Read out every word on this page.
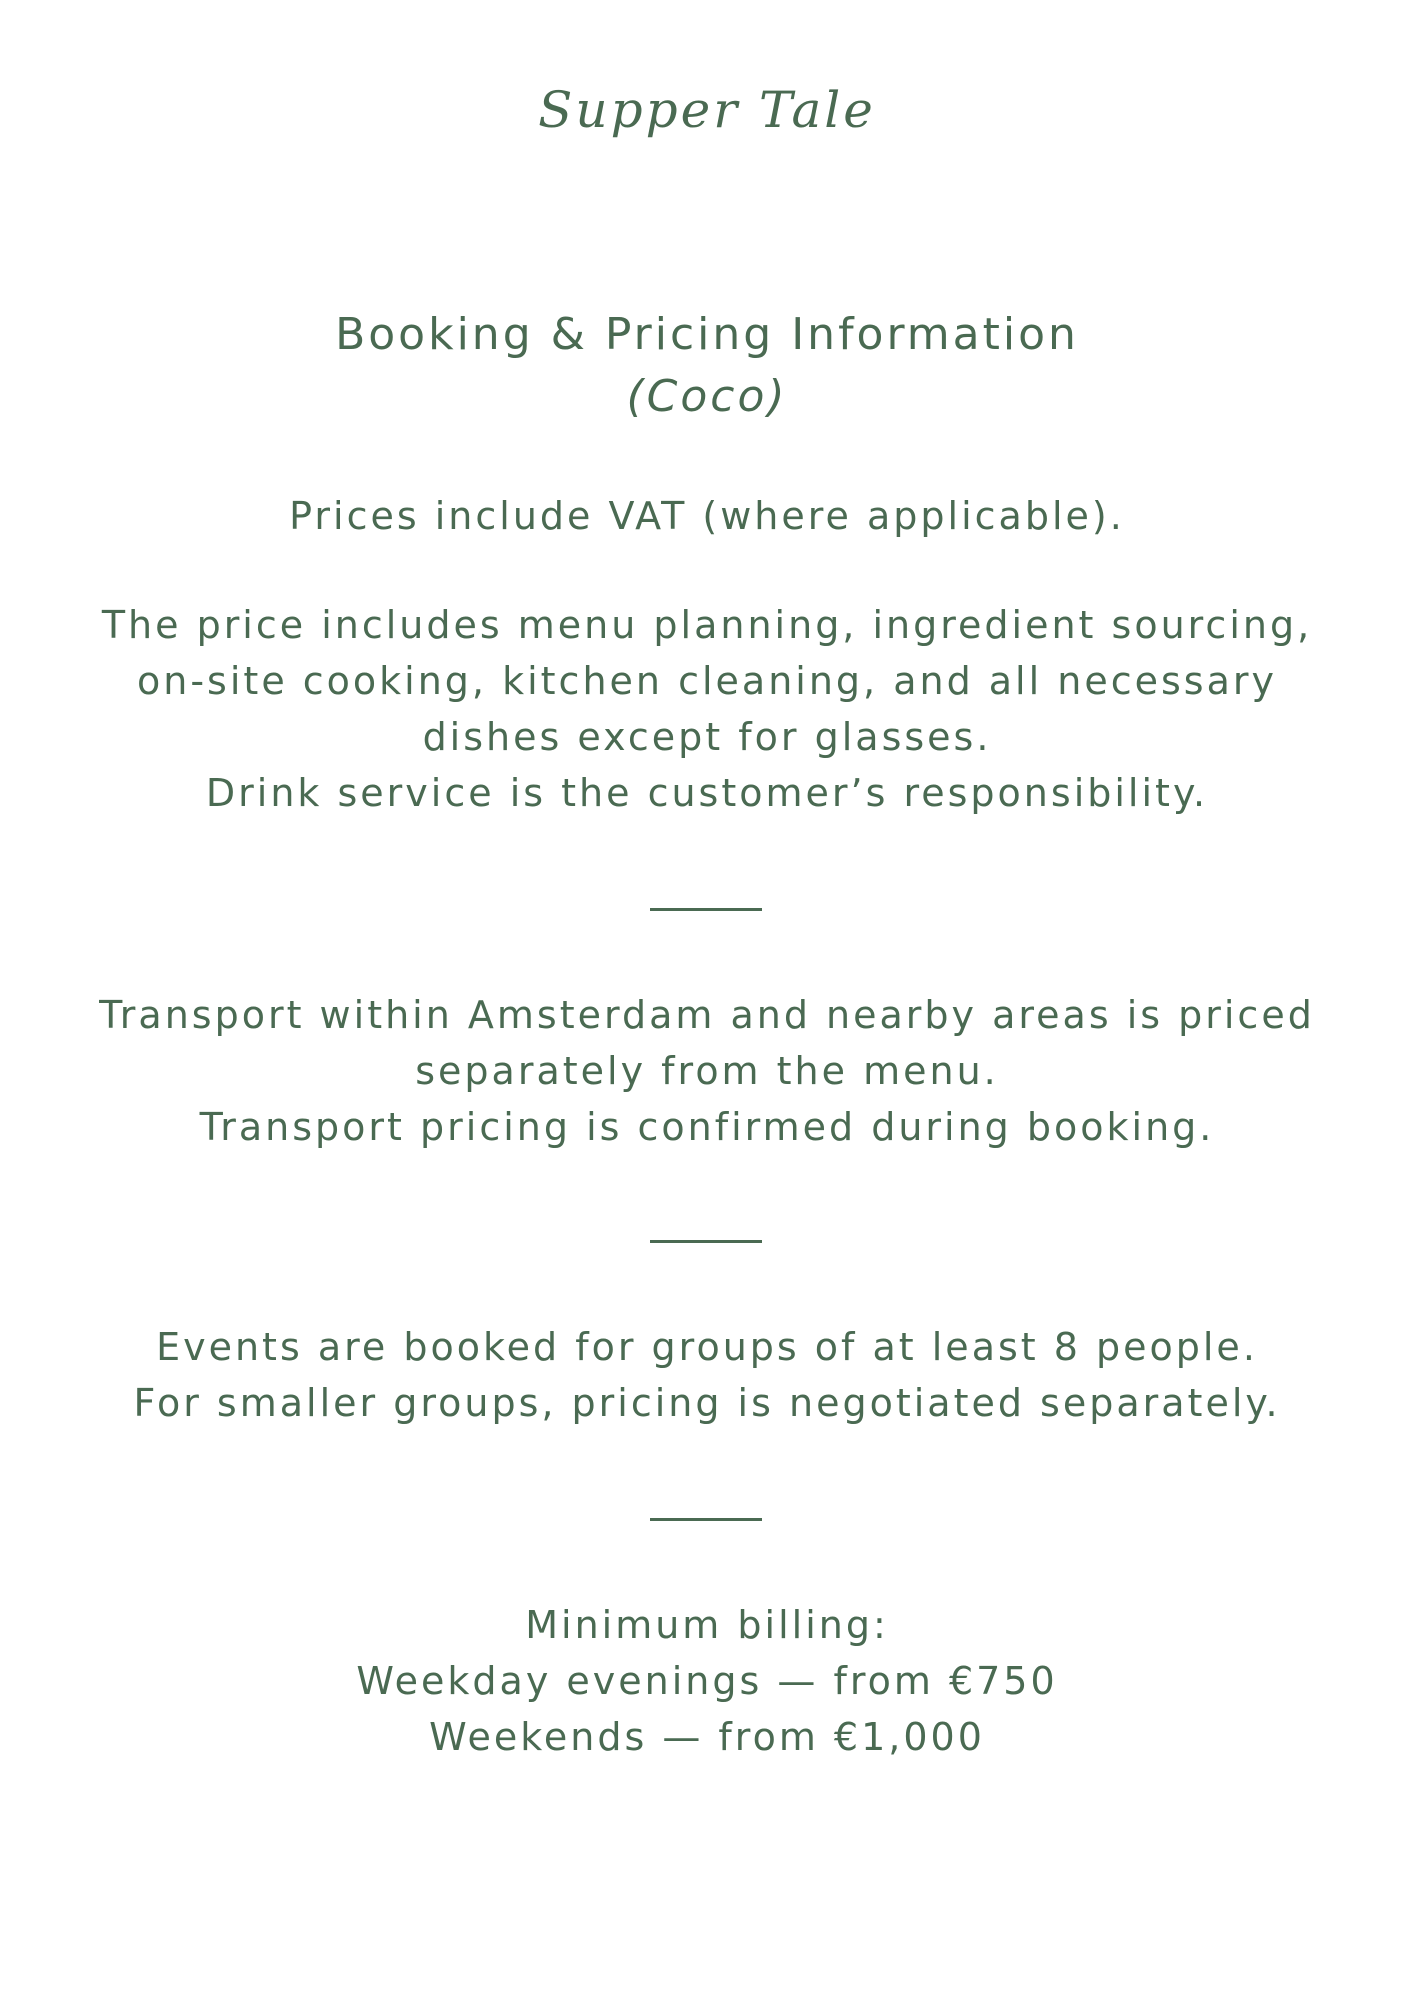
Supper Tale

Booking & Pricing Information

(Coco)

Prices include VAT (where applicable).

The price includes menu planning, ingredient sourcing,
on-site cooking, kitchen cleaning, and all necessary
dishes except for glasses.
Drink service is the customer’s responsibility.
Transport within Amsterdam and nearby areas is priced
separately from the menu.
Transport pricing is confirmed during booking.
Events are booked for groups of at least 8 people.
For smaller groups, pricing is negotiated separately.
Minimum billing:
Weekday evenings — from €750
Weekends — from €1,000
